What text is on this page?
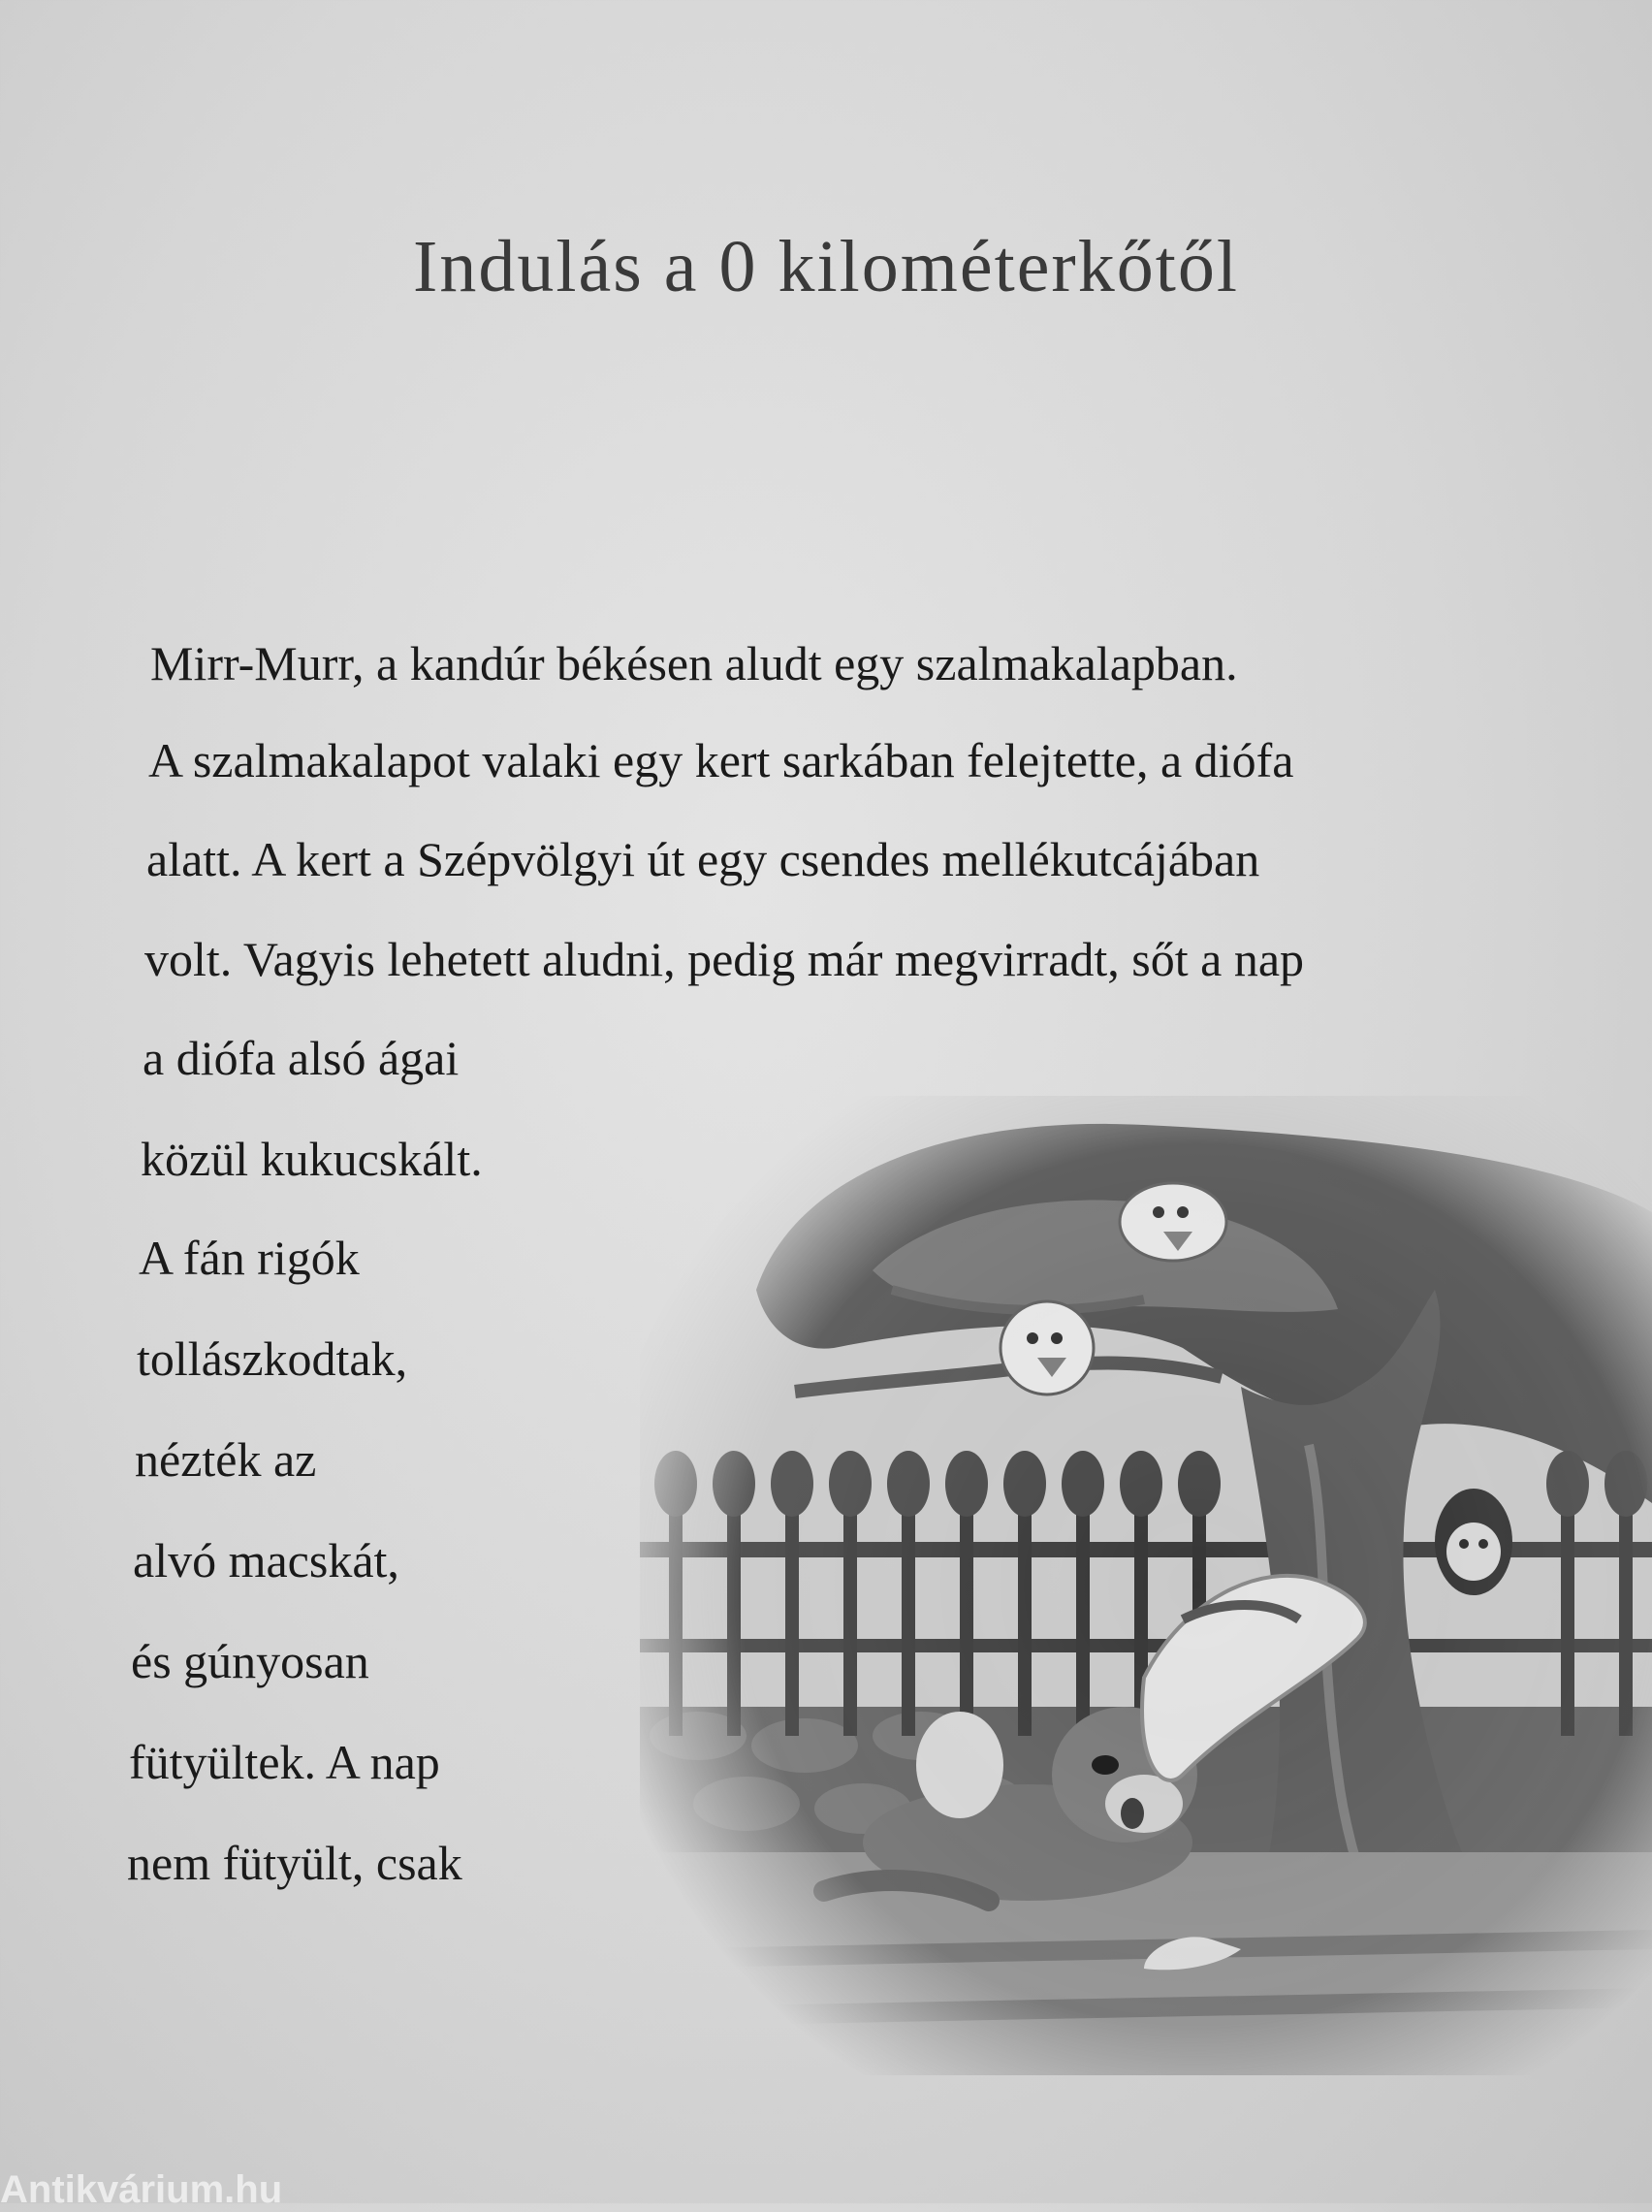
Indulás a 0 kilométerkőtől
Mirr-Murr, a kandúr békésen aludt egy szalmakalapban.
A szalmakalapot valaki egy kert sarkában felejtette, a diófa
alatt. A kert a Szépvölgyi út egy csendes mellékutcájában
volt. Vagyis lehetett aludni, pedig már megvirradt, sőt a nap
a diófa alsó ágai
közül kukucskált.
A fán rigók
tollászkodtak,
nézték az
alvó macskát,
és gúnyosan
fütyültek. A nap
nem fütyült, csak
Antikvárium.hu
